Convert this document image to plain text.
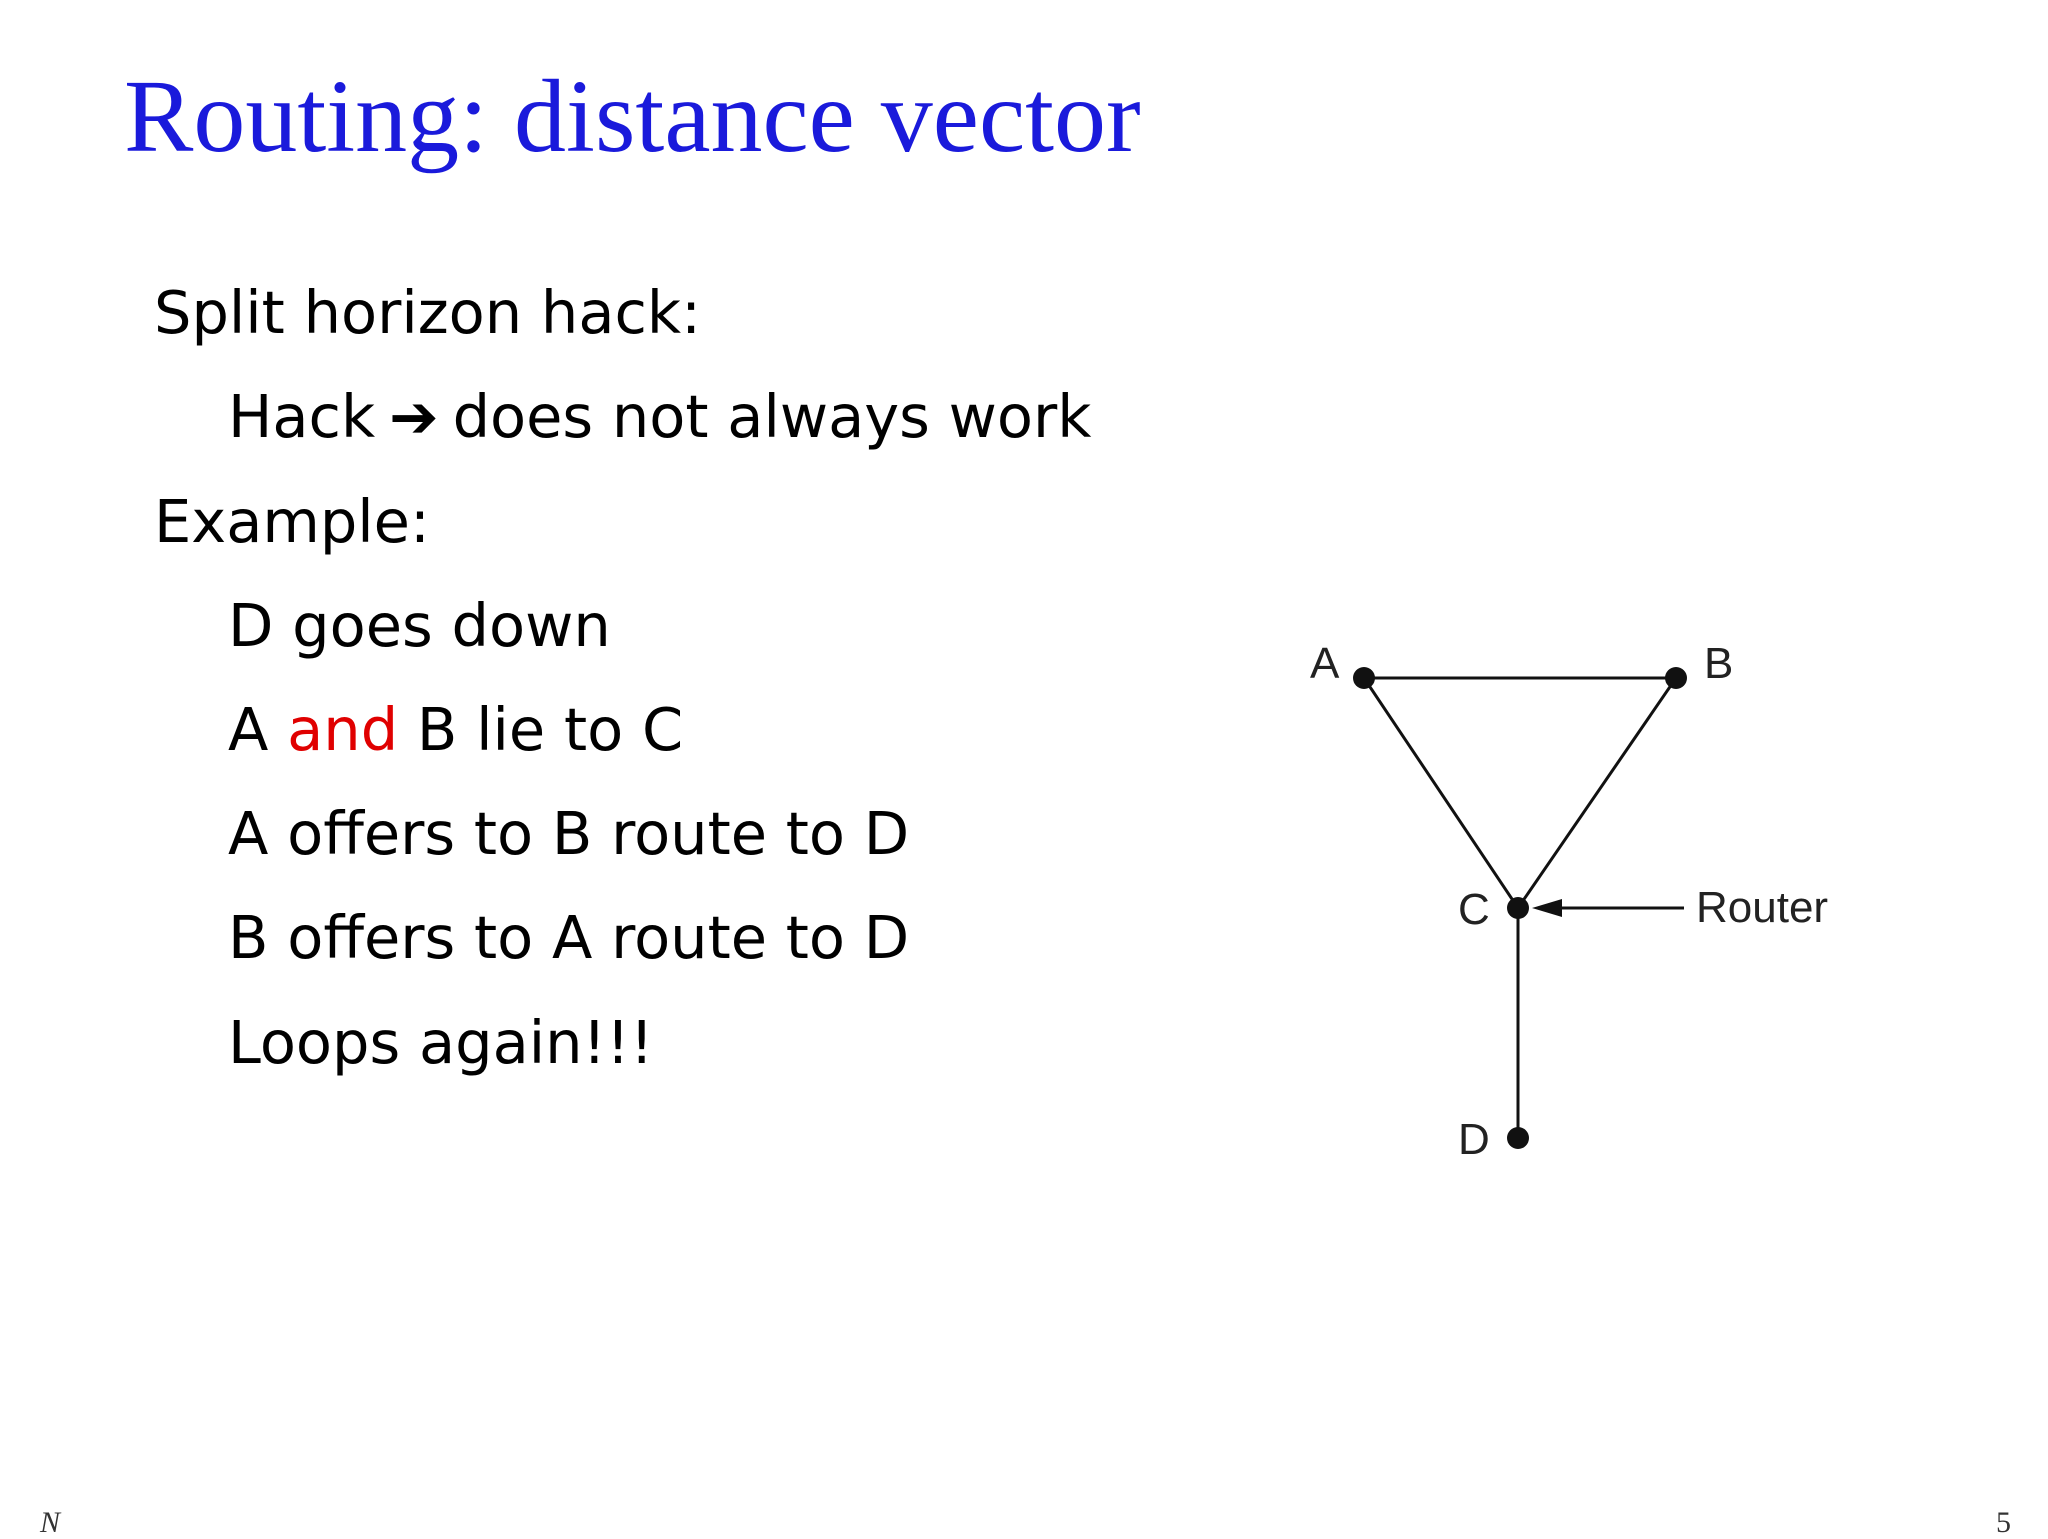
Routing: distance vector
Split horizon hack:
Hack ➔ does not always work
Example:
D goes down
A and B lie to C
A offers to B route to D
B offers to A route to D
Loops again!!!
A	B
C
D
Router
N	5
